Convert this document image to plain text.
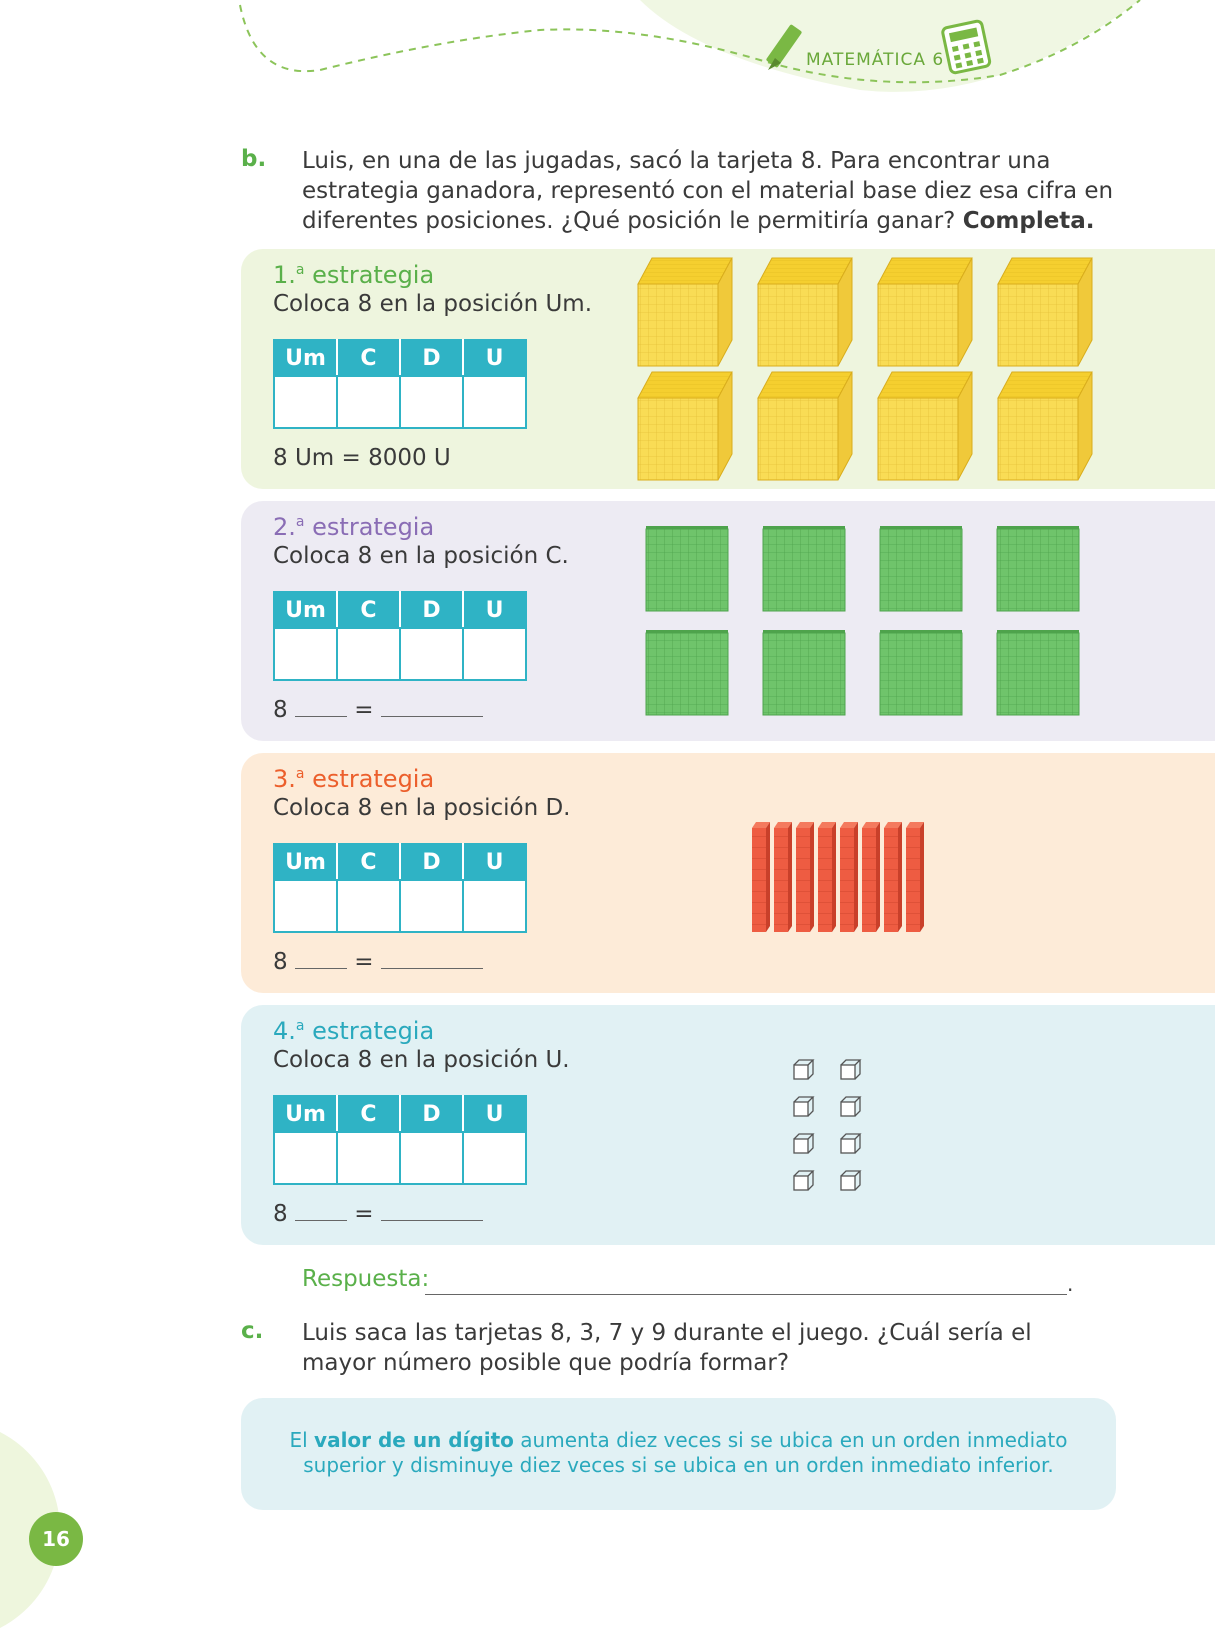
MATEMÁTICA 6
b. Luis, en una de las jugadas, sacó la tarjeta 8. Para encontrar una estrategia ganadora, representó con el material base diez esa cifra en diferentes posiciones. ¿Qué posición le permitiría ganar? Completa.
1.$^a$ estrategia
Coloca 8 en la posición Um.
Um	C	D	U

8 Um = 8000 U
2.$^a$ estrategia
Coloca 8 en la posición C.
Um	C	D	U

8	=
3.$^a$ estrategia
Coloca 8 en la posición D.
Um	C	D	U

8	=
4.$^a$ estrategia
Coloca 8 en la posición U.
Um	C	D	U

8	=
Respuesta:	.
c. Luis saca las tarjetas 8, 3, 7 y 9 durante el juego. ¿Cuál sería el mayor número posible que podría formar?
El valor de un dígito aumenta diez veces si se ubica en un orden inmediato superior y disminuye diez veces si se ubica en un orden inmediato inferior.
16
